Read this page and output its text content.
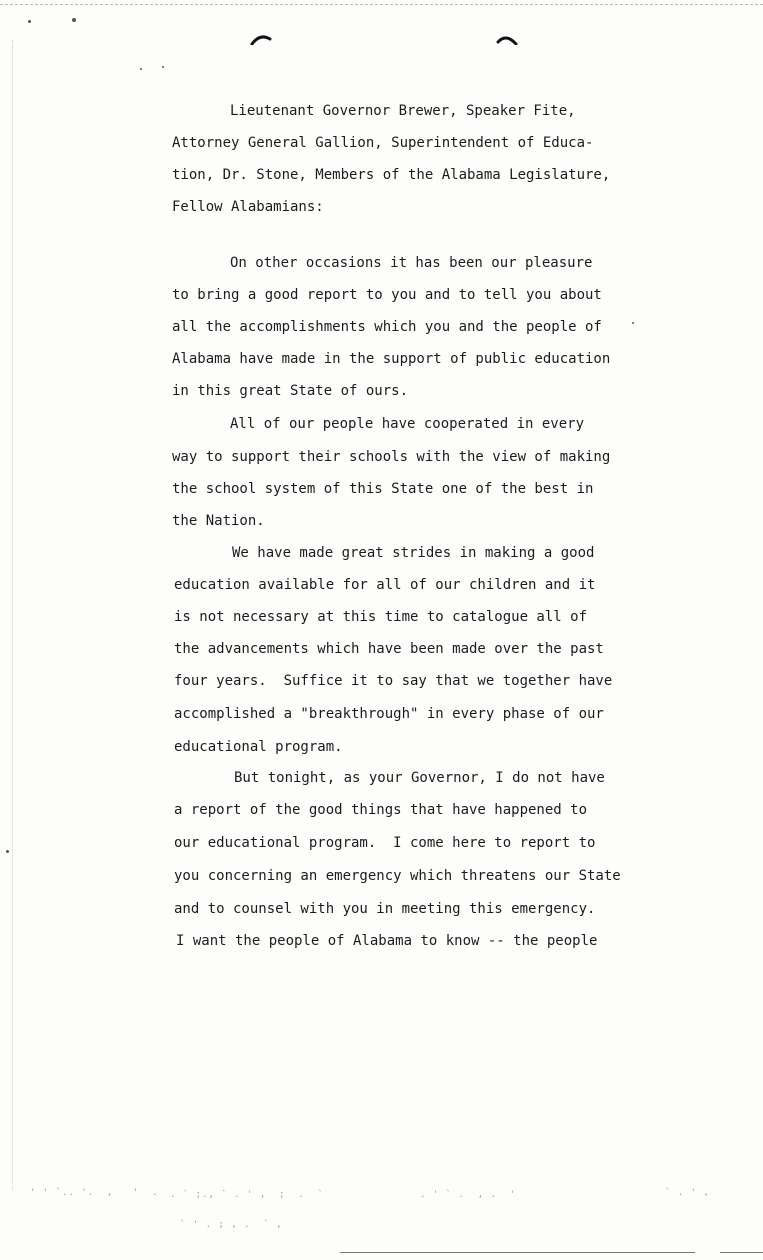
Lieutenant Governor Brewer, Speaker Fite,
Attorney General Gallion, Superintendent of Educa-
tion, Dr. Stone, Members of the Alabama Legislature,
Fellow Alabamians:
On other occasions it has been our pleasure
to bring a good report to you and to tell you about
all the accomplishments which you and the people of
Alabama have made in the support of public education
in this great State of ours.
All of our people have cooperated in every
way to support their schools with the view of making
the school system of this State one of the best in
the Nation.
We have made great strides in making a good
education available for all of our children and it
is not necessary at this time to catalogue all of
the advancements which have been made over the past
four years.  Suffice it to say that we together have
accomplished a "breakthrough" in every phase of our
educational program.
But tonight, as your Governor, I do not have
a report of the good things that have happened to
our educational program.  I come here to report to
you concerning an emergency which threatens our State
and to counsel with you in meeting this emergency.
I want the people of Alabama to know -- the people
' ' `.. '.  ,   '  . . ` ;., ` . ' ,  ;  .  `
` ' . ; , .  ` ,
. ' ` .  , .  '	` . ' ,
